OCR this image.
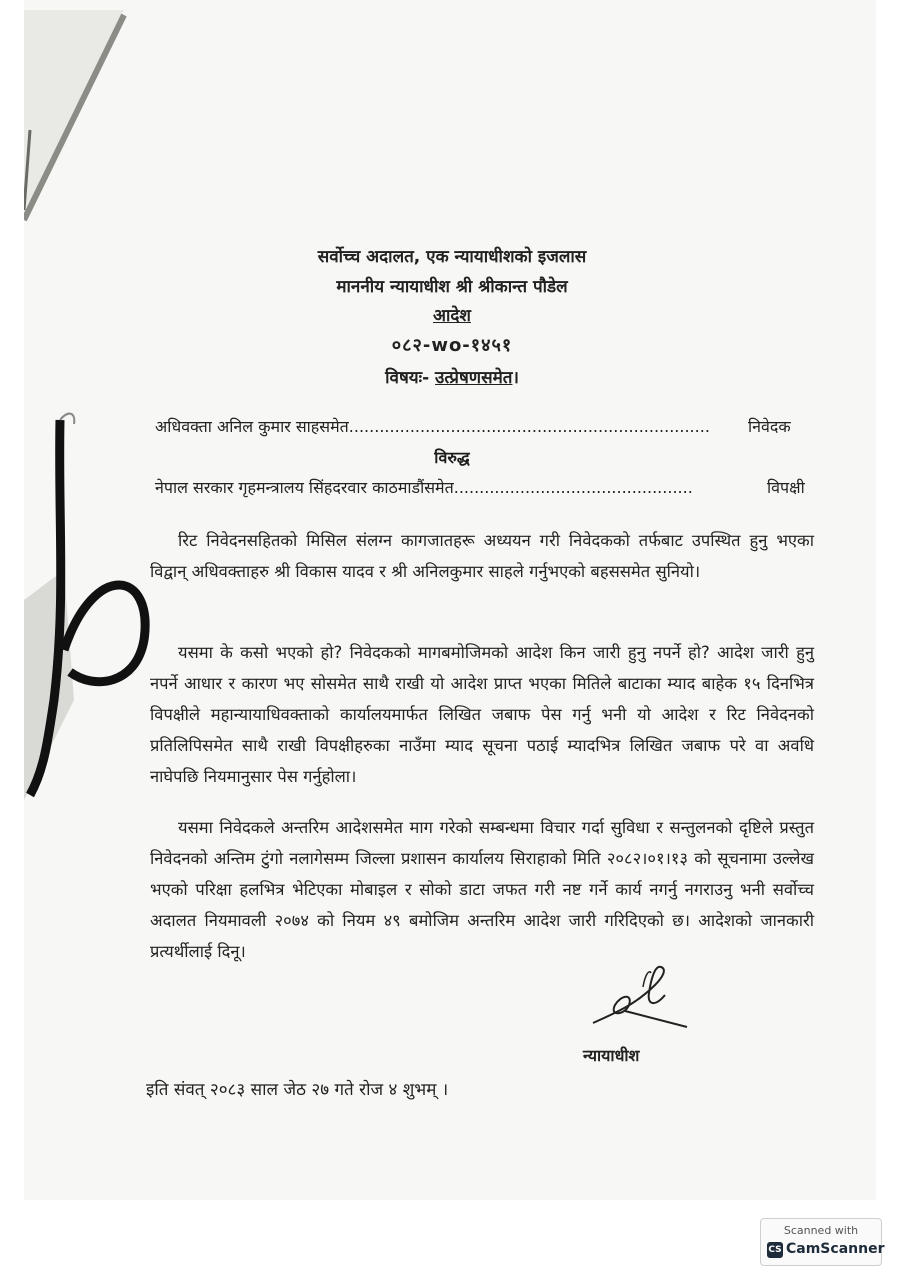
सर्वोच्च अदालत, एक न्यायाधीशको इजलास
माननीय न्यायाधीश श्री श्रीकान्त पौडेल
आदेश
०८२-wo-१४५१
विषयः- उत्प्रेषणसमेत।
अधिवक्ता अनिल कुमार साहसमेत.......................................................................	निवेदक
विरुद्ध
नेपाल सरकार गृहमन्त्रालय सिंहदरवार काठमाडौंसमेत...............................................	विपक्षी
रिट निवेदनसहितको मिसिल संलग्न कागजातहरू अध्ययन गरी निवेदकको तर्फबाट उपस्थित हुनु भएका विद्वान् अधिवक्ताहरु श्री विकास यादव र श्री अनिलकुमार साहले गर्नुभएको बहससमेत सुनियो।
यसमा के कसो भएको हो? निवेदकको मागबमोजिमको आदेश किन जारी हुनु नपर्ने हो? आदेश जारी हुनु नपर्ने आधार र कारण भए सोसमेत साथै राखी यो आदेश प्राप्त भएका मितिले बाटाका म्याद बाहेक १५ दिनभित्र विपक्षीले महान्यायाधिवक्ताको कार्यालयमार्फत लिखित जबाफ पेस गर्नु भनी यो आदेश र रिट निवेदनको प्रतिलिपिसमेत साथै राखी विपक्षीहरुका नाउँमा म्याद सूचना पठाई म्यादभित्र लिखित जबाफ परे वा अवधि नाघेपछि नियमानुसार पेस गर्नुहोला।
यसमा निवेदकले अन्तरिम आदेशसमेत माग गरेको सम्बन्धमा विचार गर्दा सुविधा र सन्तुलनको दृष्टिले प्रस्तुत निवेदनको अन्तिम टुंगो नलागेसम्म जिल्ला प्रशासन कार्यालय सिराहाको मिति २०८२।०१।१३ को सूचनामा उल्लेख भएको परिक्षा हलभित्र भेटिएका मोबाइल र सोको डाटा जफत गरी नष्ट गर्ने कार्य नगर्नु नगराउनु भनी सर्वोच्च अदालत नियमावली २०७४ को नियम ४९ बमोजिम अन्तरिम आदेश जारी गरिदिएको छ। आदेशको जानकारी प्रत्यर्थीलाई दिनू।
न्यायाधीश
इति संवत् २०८३ साल जेठ २७ गते रोज ४ शुभम् ।
Scanned with
CS CamScanner
